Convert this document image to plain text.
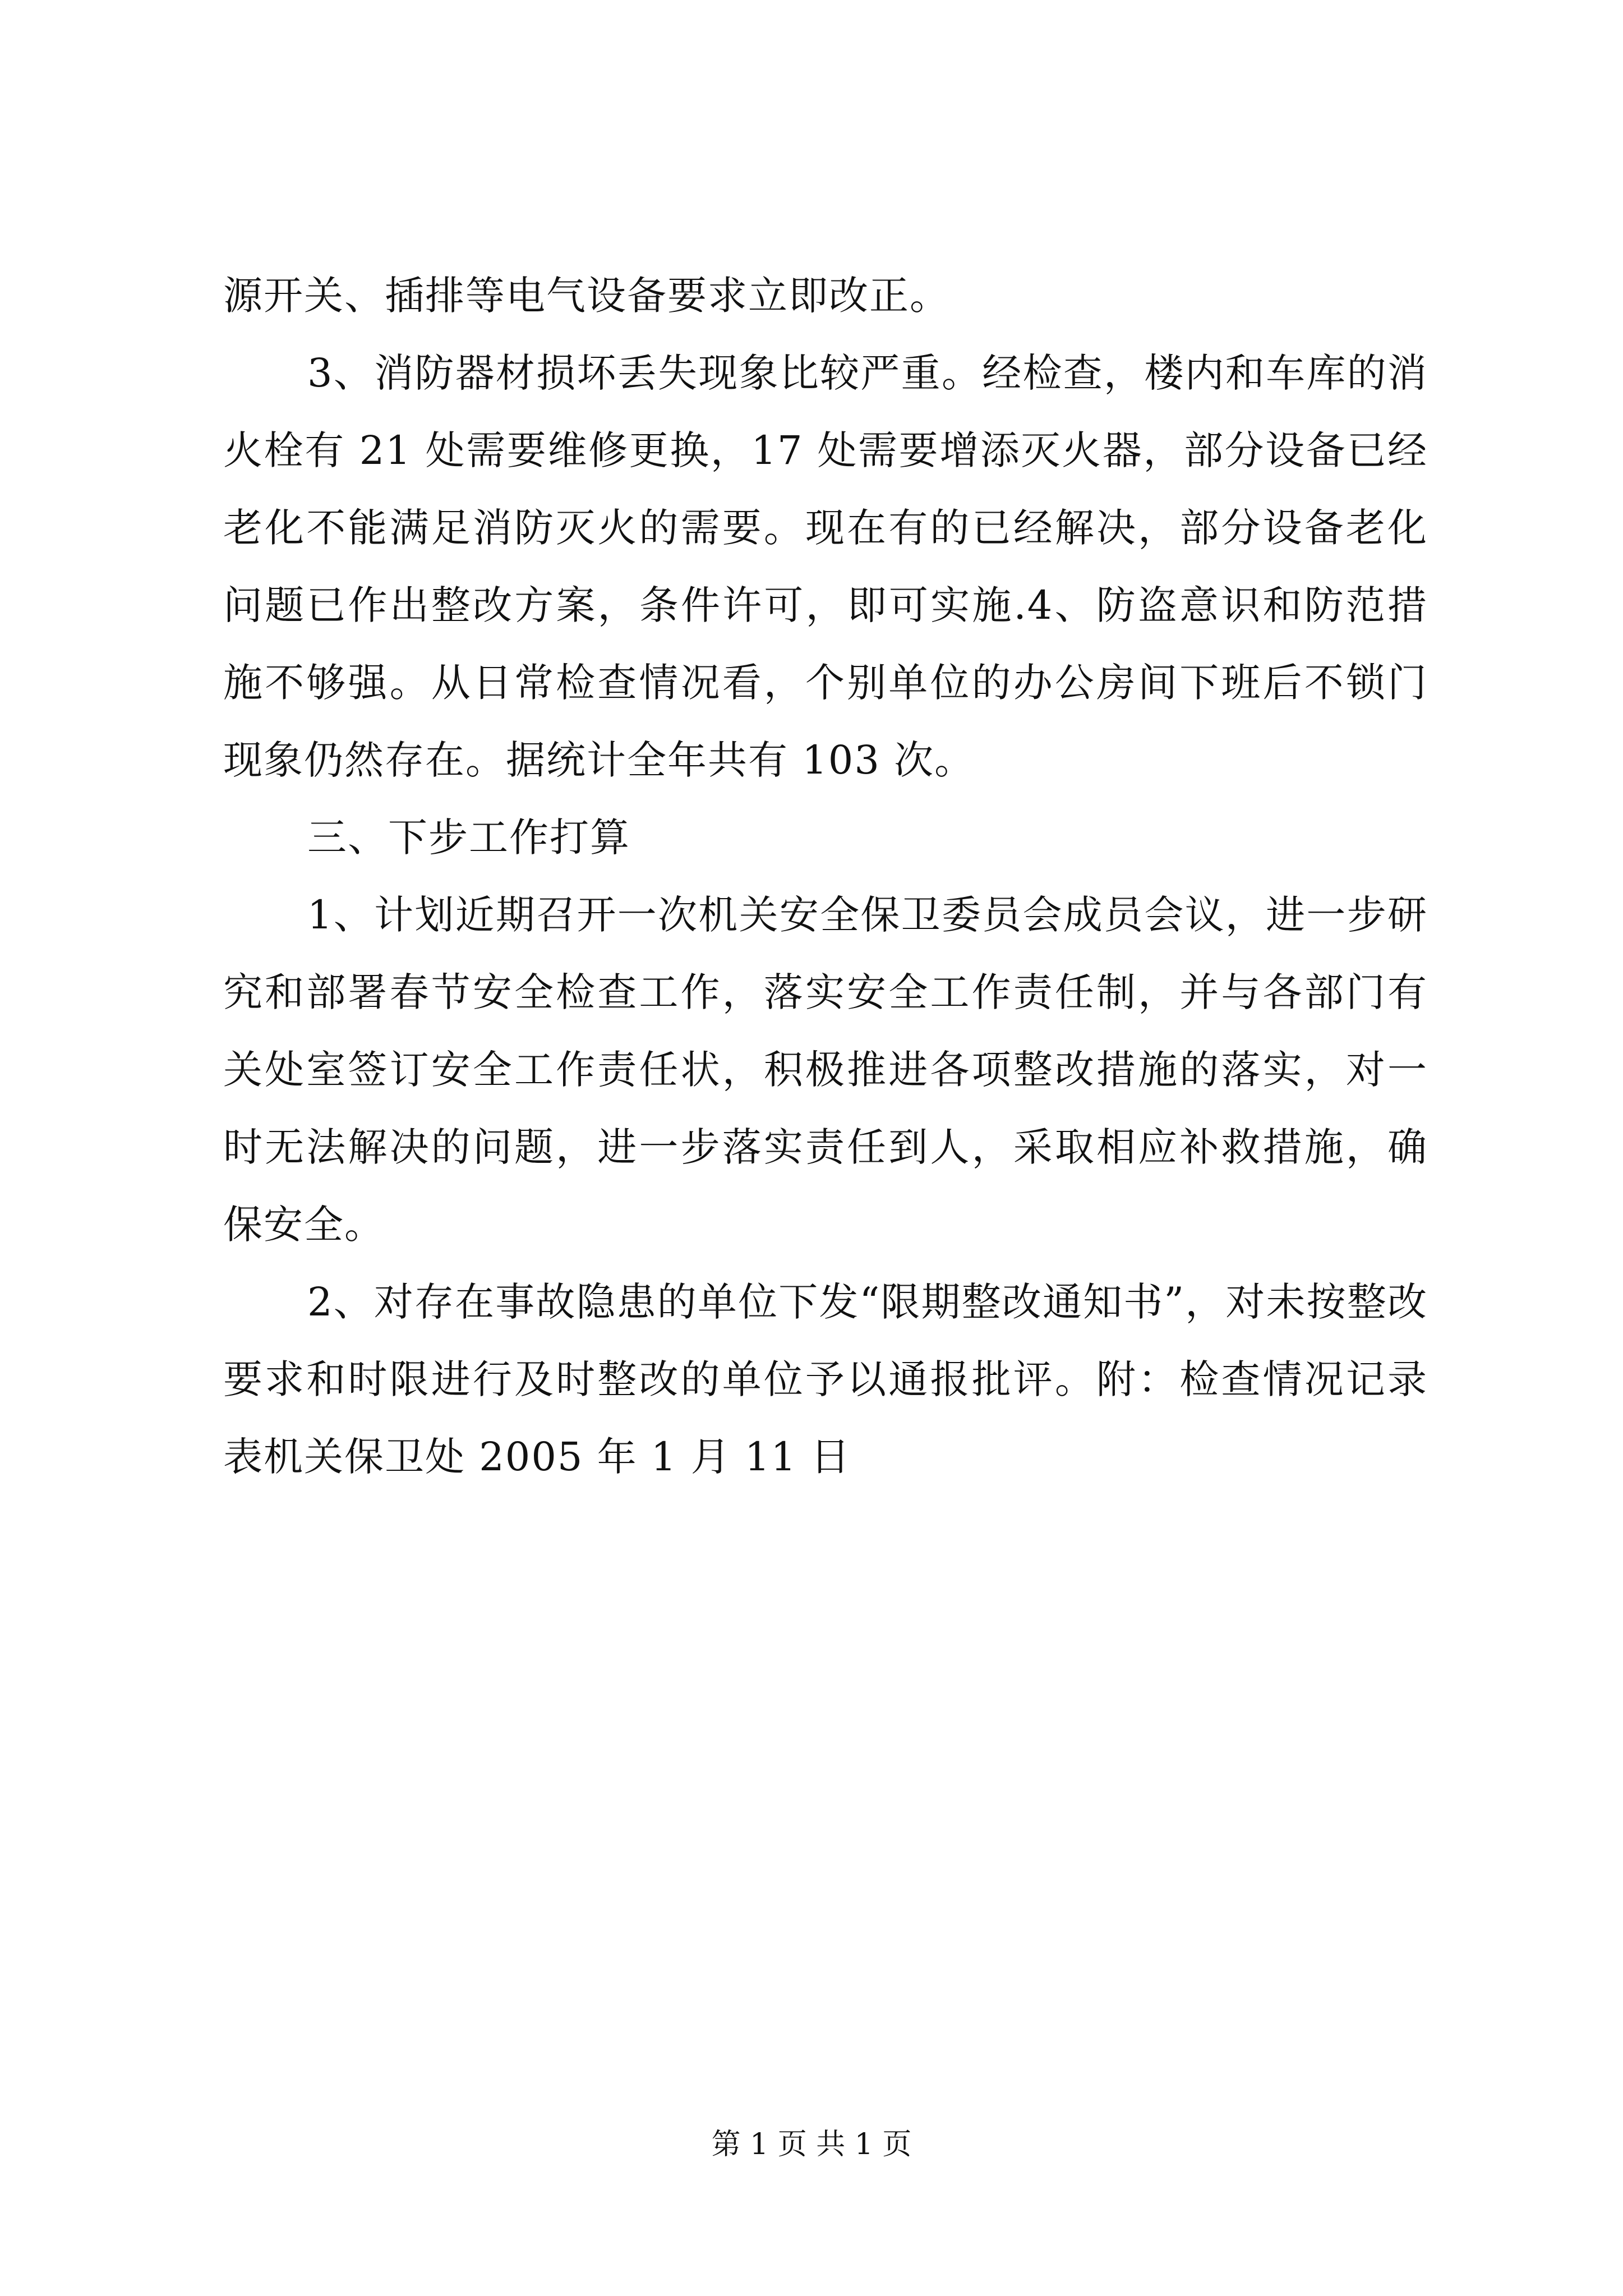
源开关、插排等电气设备要求立即改正。

3、消防器材损坏丢失现象比较严重。经检查，楼内和车库的消火栓有 21 处需要维修更换，17 处需要增添灭火器，部分设备已经老化不能满足消防灭火的需要。现在有的已经解决，部分设备老化问题已作出整改方案，条件许可，即可实施.4、防盗意识和防范措施不够强。从日常检查情况看，个别单位的办公房间下班后不锁门现象仍然存在。据统计全年共有 103 次。

三、下步工作打算

1、计划近期召开一次机关安全保卫委员会成员会议，进一步研究和部署春节安全检查工作，落实安全工作责任制，并与各部门有关处室签订安全工作责任状，积极推进各项整改措施的落实，对一时无法解决的问题，进一步落实责任到人，采取相应补救措施，确保安全。

2、对存在事故隐患的单位下发“限期整改通知书”，对未按整改要求和时限进行及时整改的单位予以通报批评。附：检查情况记录表机关保卫处 2005 年 1 月 11 日

第 1 页 共 1 页
